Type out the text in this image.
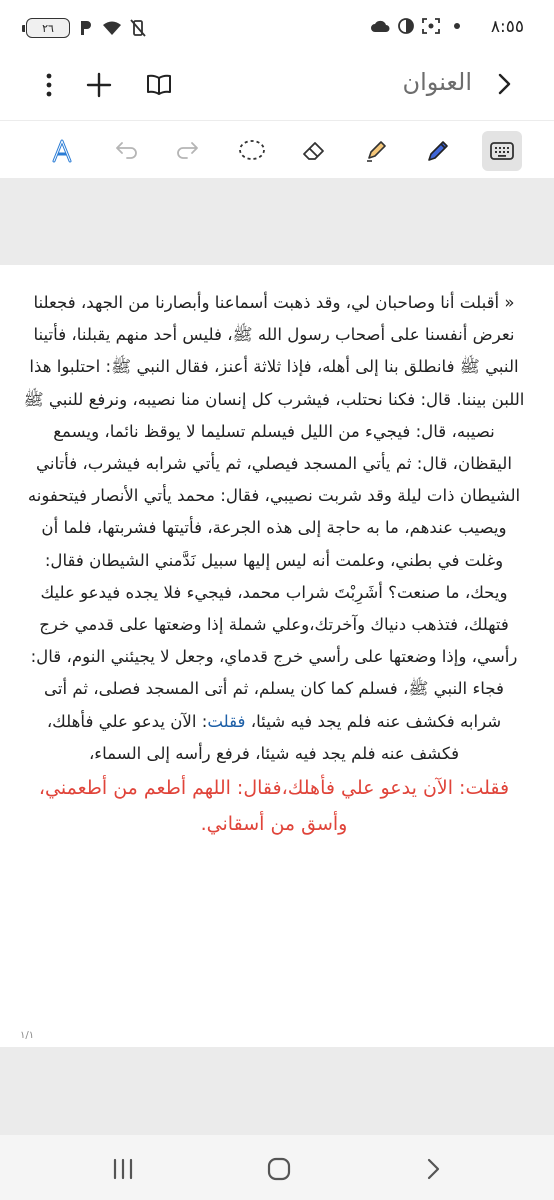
٢٦	٨:٥٥
العنوان
« أقبلت أنا وصاحبان لي، وقد ذهبت أسماعنا وأبصارنا من الجهد، فجعلنا نعرض أنفسنا على أصحاب رسول الله ﷺ، فليس أحد منهم يقبلنا، فأتينا النبي ﷺ فانطلق بنا إلى أهله، فإذا ثلاثة أعنز، فقال النبي ﷺ: احتلبوا هذا اللبن بيننا. قال: فكنا نحتلب، فيشرب كل إنسان منا نصيبه، ونرفع للنبي ﷺ نصيبه، قال: فيجيء من الليل فيسلم تسليما لا يوقظ نائما، ويسمع اليقظان، قال: ثم يأتي المسجد فيصلي، ثم يأتي شرابه فيشرب، فأتاني الشيطان ذات ليلة وقد شربت نصيبي، فقال: محمد يأتي الأنصار فيتحفونه ويصيب عندهم، ما به حاجة إلى هذه الجرعة، فأتيتها فشربتها، فلما أن وغلت في بطني، وعلمت أنه ليس إليها سبيل نَدَّمني الشيطان فقال: ويحك، ما صنعت؟ أشَرِبْتَ شراب محمد، فيجيء فلا يجده فيدعو عليك فتهلك، فتذهب دنياك وآخرتك،وعلي شملة إذا وضعتها على قدمي خرج رأسي، وإذا وضعتها على رأسي خرج قدماي، وجعل لا يجيئني النوم، قال: فجاء النبي ﷺ، فسلم كما كان يسلم، ثم أتى المسجد فصلى، ثم أتى شرابه فكشف عنه فلم يجد فيه شيئا، فقلت: الآن يدعو علي فأهلك، فكشف عنه فلم يجد فيه شيئا، فرفع رأسه إلى السماء،
فقلت: الآن يدعو علي فأهلك،فقال: اللهم أطعم من أطعمني، وأسق من أسقاني.
١/١
